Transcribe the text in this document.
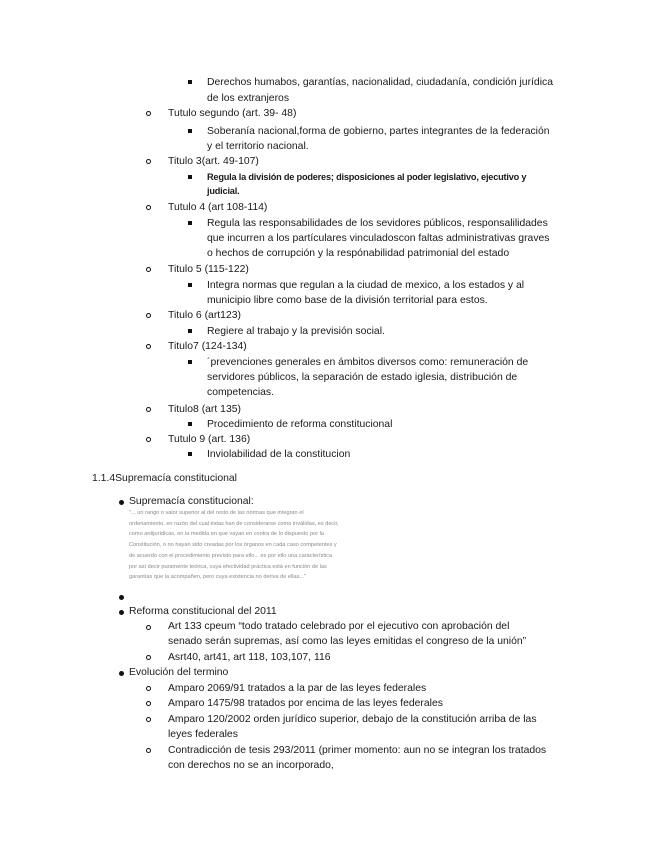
Derechos humabos, garantías, nacionalidad, ciudadanía, condición jurídica
de los extranjeros
Tutulo segundo (art. 39- 48)
Soberanía nacional,forma de gobierno, partes integrantes de la federación
y el territorio nacional.
Titulo 3(art. 49-107)
Regula la división de poderes; disposiciones al poder legislativo, ejecutivo y
judicial.
Tutulo 4 (art 108-114)
Regula las responsabilidades de los sevidores públicos, responsalilidades
que incurren a los partículares vinculadoscon faltas administrativas graves
o hechos de corrupción y la respónabilidad patrimonial del estado
Titulo 5 (115-122)
Integra normas que regulan a la ciudad de mexico, a los estados y al
municipio libre como base de la división territorial para estos.
Titulo 6 (art123)
Regiere al trabajo y la previsión social.
Titulo7 (124-134)
´prevenciones generales en ámbitos diversos como: remuneración de
servidores públicos, la separación de estado iglesia, distribución de
competencias.
Titulo8 (art 135)
Procedimiento de reforma constitucional
Tutulo 9 (art. 136)
Inviolabilidad de la constitucion
1.1.4Supremacía constitucional
Supremacía constitucional:
"... un rango o valor superior al del resto de las normas que integran el
ordenamiento, en razón del cual éstas han de considerarse como inválidas, es decir,
como antijurídicas, en la medida en que vayan en contra de lo dispuesto por la
Constitución, o no hayan sido creadas por los órganos en cada caso competentes y
de acuerdo con el procedimiento previsto para ello... es por ello una característica
por así decir puramente teórica, cuya efectividad práctica está en función de las
garantías que la acompañen, pero cuya existencia no deriva de ellas..."
Reforma constitucional del 2011
Art 133 cpeum “todo tratado celebrado por el ejecutivo con aprobación del
senado serán supremas, así como las leyes emitidas el congreso de la unión”
Asrt40, art41, art 118, 103,107, 116
Evolución del termino
Amparo 2069/91 tratados a la par de las leyes federales
Amparo 1475/98 tratados por encima de las leyes federales
Amparo 120/2002 orden jurídico superior, debajo de la constitución arriba de las
leyes federales
Contradicción de tesis 293/2011 (primer momento: aun no se integran los tratados
con derechos no se an incorporado,
